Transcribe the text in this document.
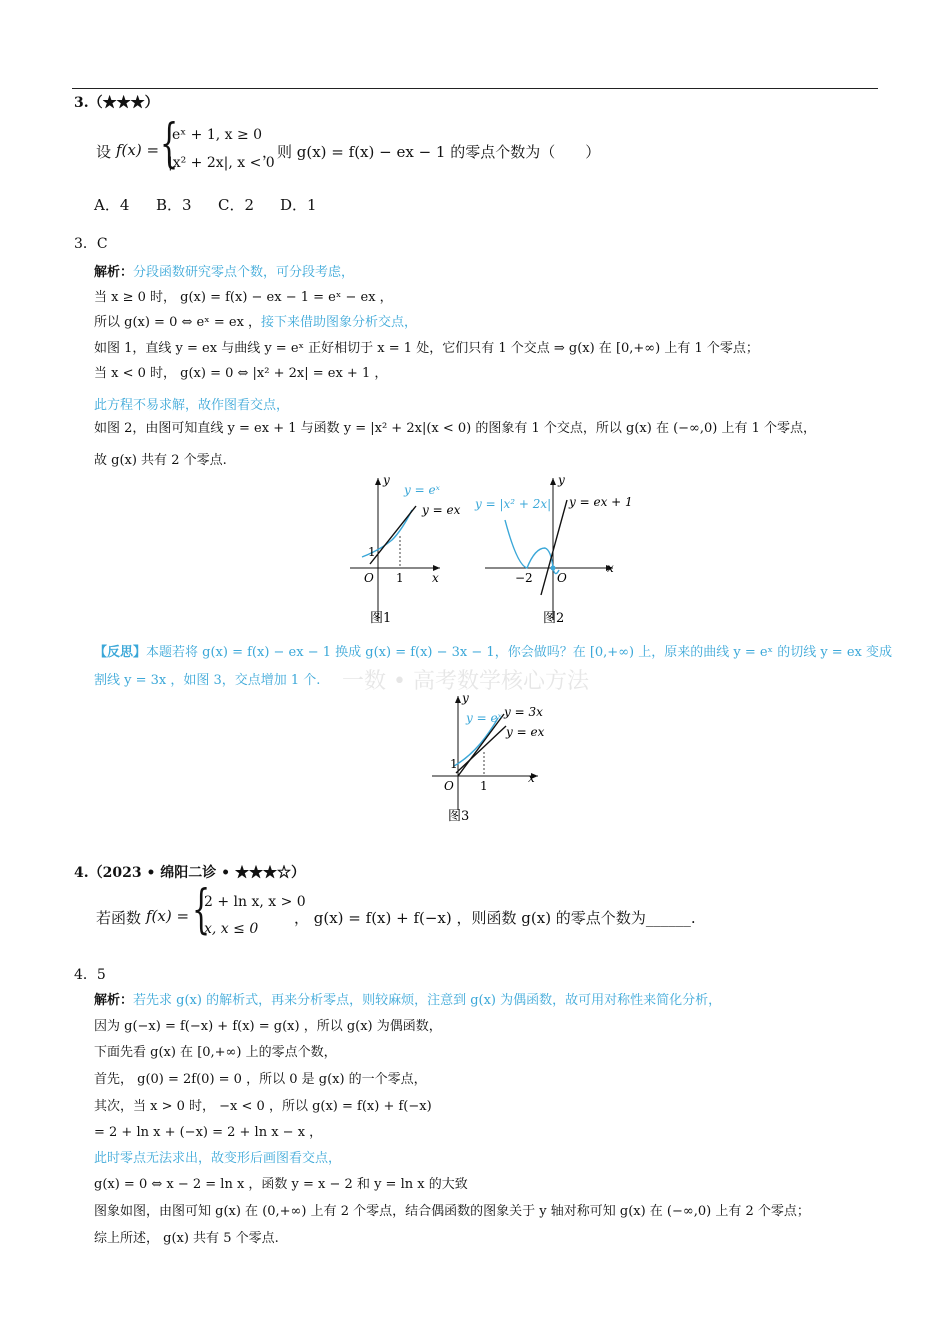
3.（★★★）
设 f(x) = {
eˣ + 1, x ≥ 0
|x² + 2x|, x < 0
，则 g(x) = f(x) − ex − 1 的零点个数为（　　）
A．4 B．3 C．2 D．1
3．C
解析：分段函数研究零点个数，可分段考虑，
当 x ≥ 0 时， g(x) = f(x) − ex − 1 = eˣ − ex ，
所以 g(x) = 0 ⇔ eˣ = ex ，接下来借助图象分析交点，
如图 1，直线 y = ex 与曲线 y = eˣ 正好相切于 x = 1 处，它们只有 1 个交点 ⇒ g(x) 在 [0,+∞) 上有 1 个零点；
当 x < 0 时， g(x) = 0 ⇔ |x² + 2x| = ex + 1 ，
此方程不易求解，故作图看交点，
如图 2，由图可知直线 y = ex + 1 与函数 y = |x² + 2x|(x < 0) 的图象有 1 个交点，所以 g(x) 在 (−∞,0) 上有 1 个零点，
故 g(x) 共有 2 个零点.
y
x
O
1
1
y = eˣ
y = ex
图1
y
x
O
−2
y = |x² + 2x| y = ex + 1
图2
【反思】本题若将 g(x) = f(x) − ex − 1 换成 g(x) = f(x) − 3x − 1，你会做吗？在 [0,+∞) 上，原来的曲线 y = eˣ 的切线 y = ex 变成
割线 y = 3x ，如图 3，交点增加 1 个. 一数 • 高考数学核心方法
y
x
O
1
1
y = eˣ y = 3x
y = ex
图3
4.（2023 • 绵阳二诊 • ★★★☆）
若函数 f(x) = {
2 + ln x, x > 0
x, x ≤ 0
， g(x) = f(x) + f(−x) ，则函数 g(x) 的零点个数为______.
4．5
解析：若先求 g(x) 的解析式，再来分析零点，则较麻烦，注意到 g(x) 为偶函数，故可用对称性来简化分析，
因为 g(−x) = f(−x) + f(x) = g(x) ，所以 g(x) 为偶函数，
下面先看 g(x) 在 [0,+∞) 上的零点个数，
首先， g(0) = 2f(0) = 0 ，所以 0 是 g(x) 的一个零点，
其次，当 x > 0 时， −x < 0 ，所以 g(x) = f(x) + f(−x)
= 2 + ln x + (−x) = 2 + ln x − x ，
此时零点无法求出，故变形后画图看交点，
g(x) = 0 ⇔ x − 2 = ln x ，函数 y = x − 2 和 y = ln x 的大致
图象如图，由图可知 g(x) 在 (0,+∞) 上有 2 个零点，结合偶函数的图象关于 y 轴对称可知 g(x) 在 (−∞,0) 上有 2 个零点；
综上所述， g(x) 共有 5 个零点.
